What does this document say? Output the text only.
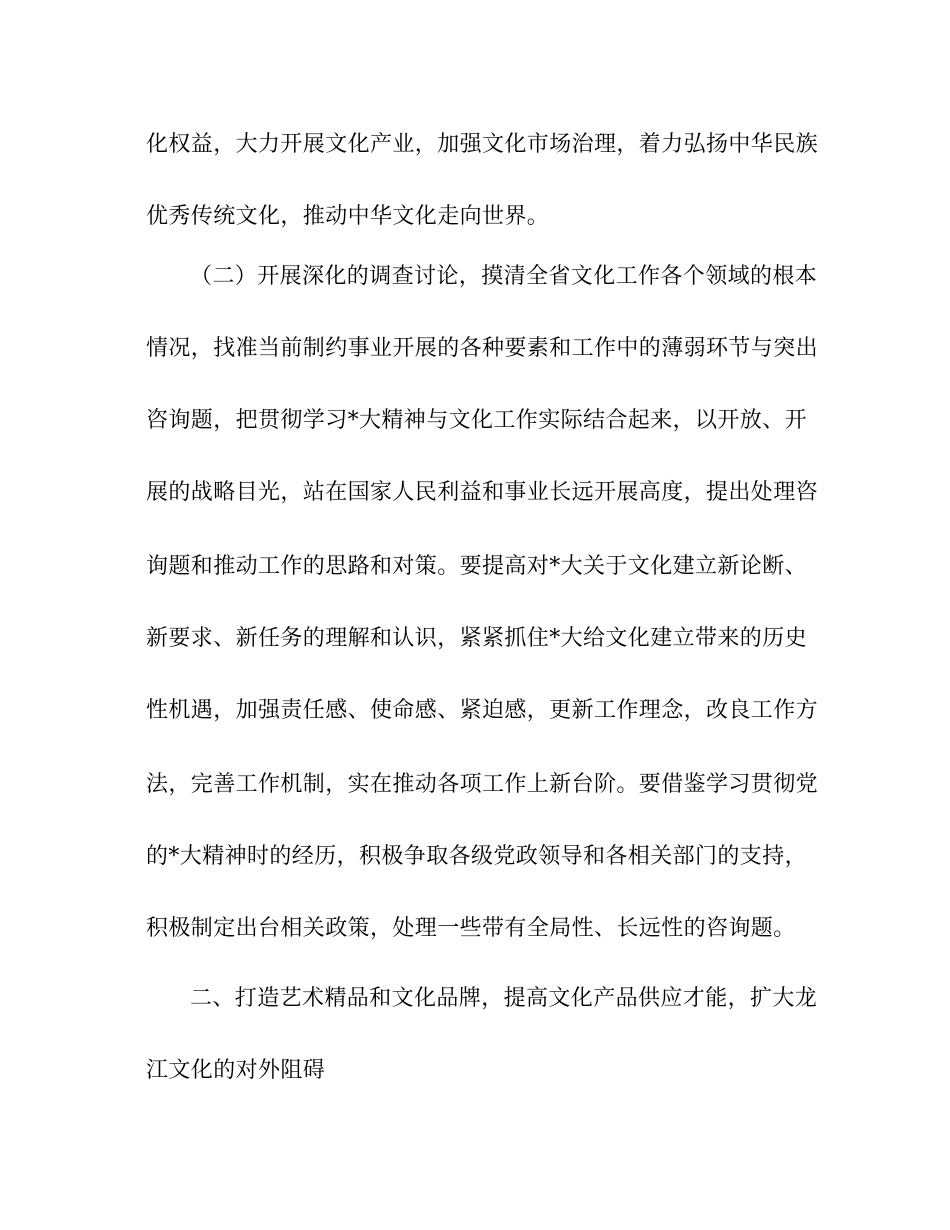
化权益，大力开展文化产业，加强文化市场治理，着力弘扬中华民族
优秀传统文化，推动中华文化走向世界。
（二）开展深化的调查讨论，摸清全省文化工作各个领域的根本
情况，找准当前制约事业开展的各种要素和工作中的薄弱环节与突出
咨询题，把贯彻学习*大精神与文化工作实际结合起来，以开放、开
展的战略目光，站在国家人民利益和事业长远开展高度，提出处理咨
询题和推动工作的思路和对策。要提高对*大关于文化建立新论断、
新要求、新任务的理解和认识，紧紧抓住*大给文化建立带来的历史
性机遇，加强责任感、使命感、紧迫感，更新工作理念，改良工作方
法，完善工作机制，实在推动各项工作上新台阶。要借鉴学习贯彻党
的*大精神时的经历，积极争取各级党政领导和各相关部门的支持，
积极制定出台相关政策，处理一些带有全局性、长远性的咨询题。
二、打造艺术精品和文化品牌，提高文化产品供应才能，扩大龙
江文化的对外阻碍
